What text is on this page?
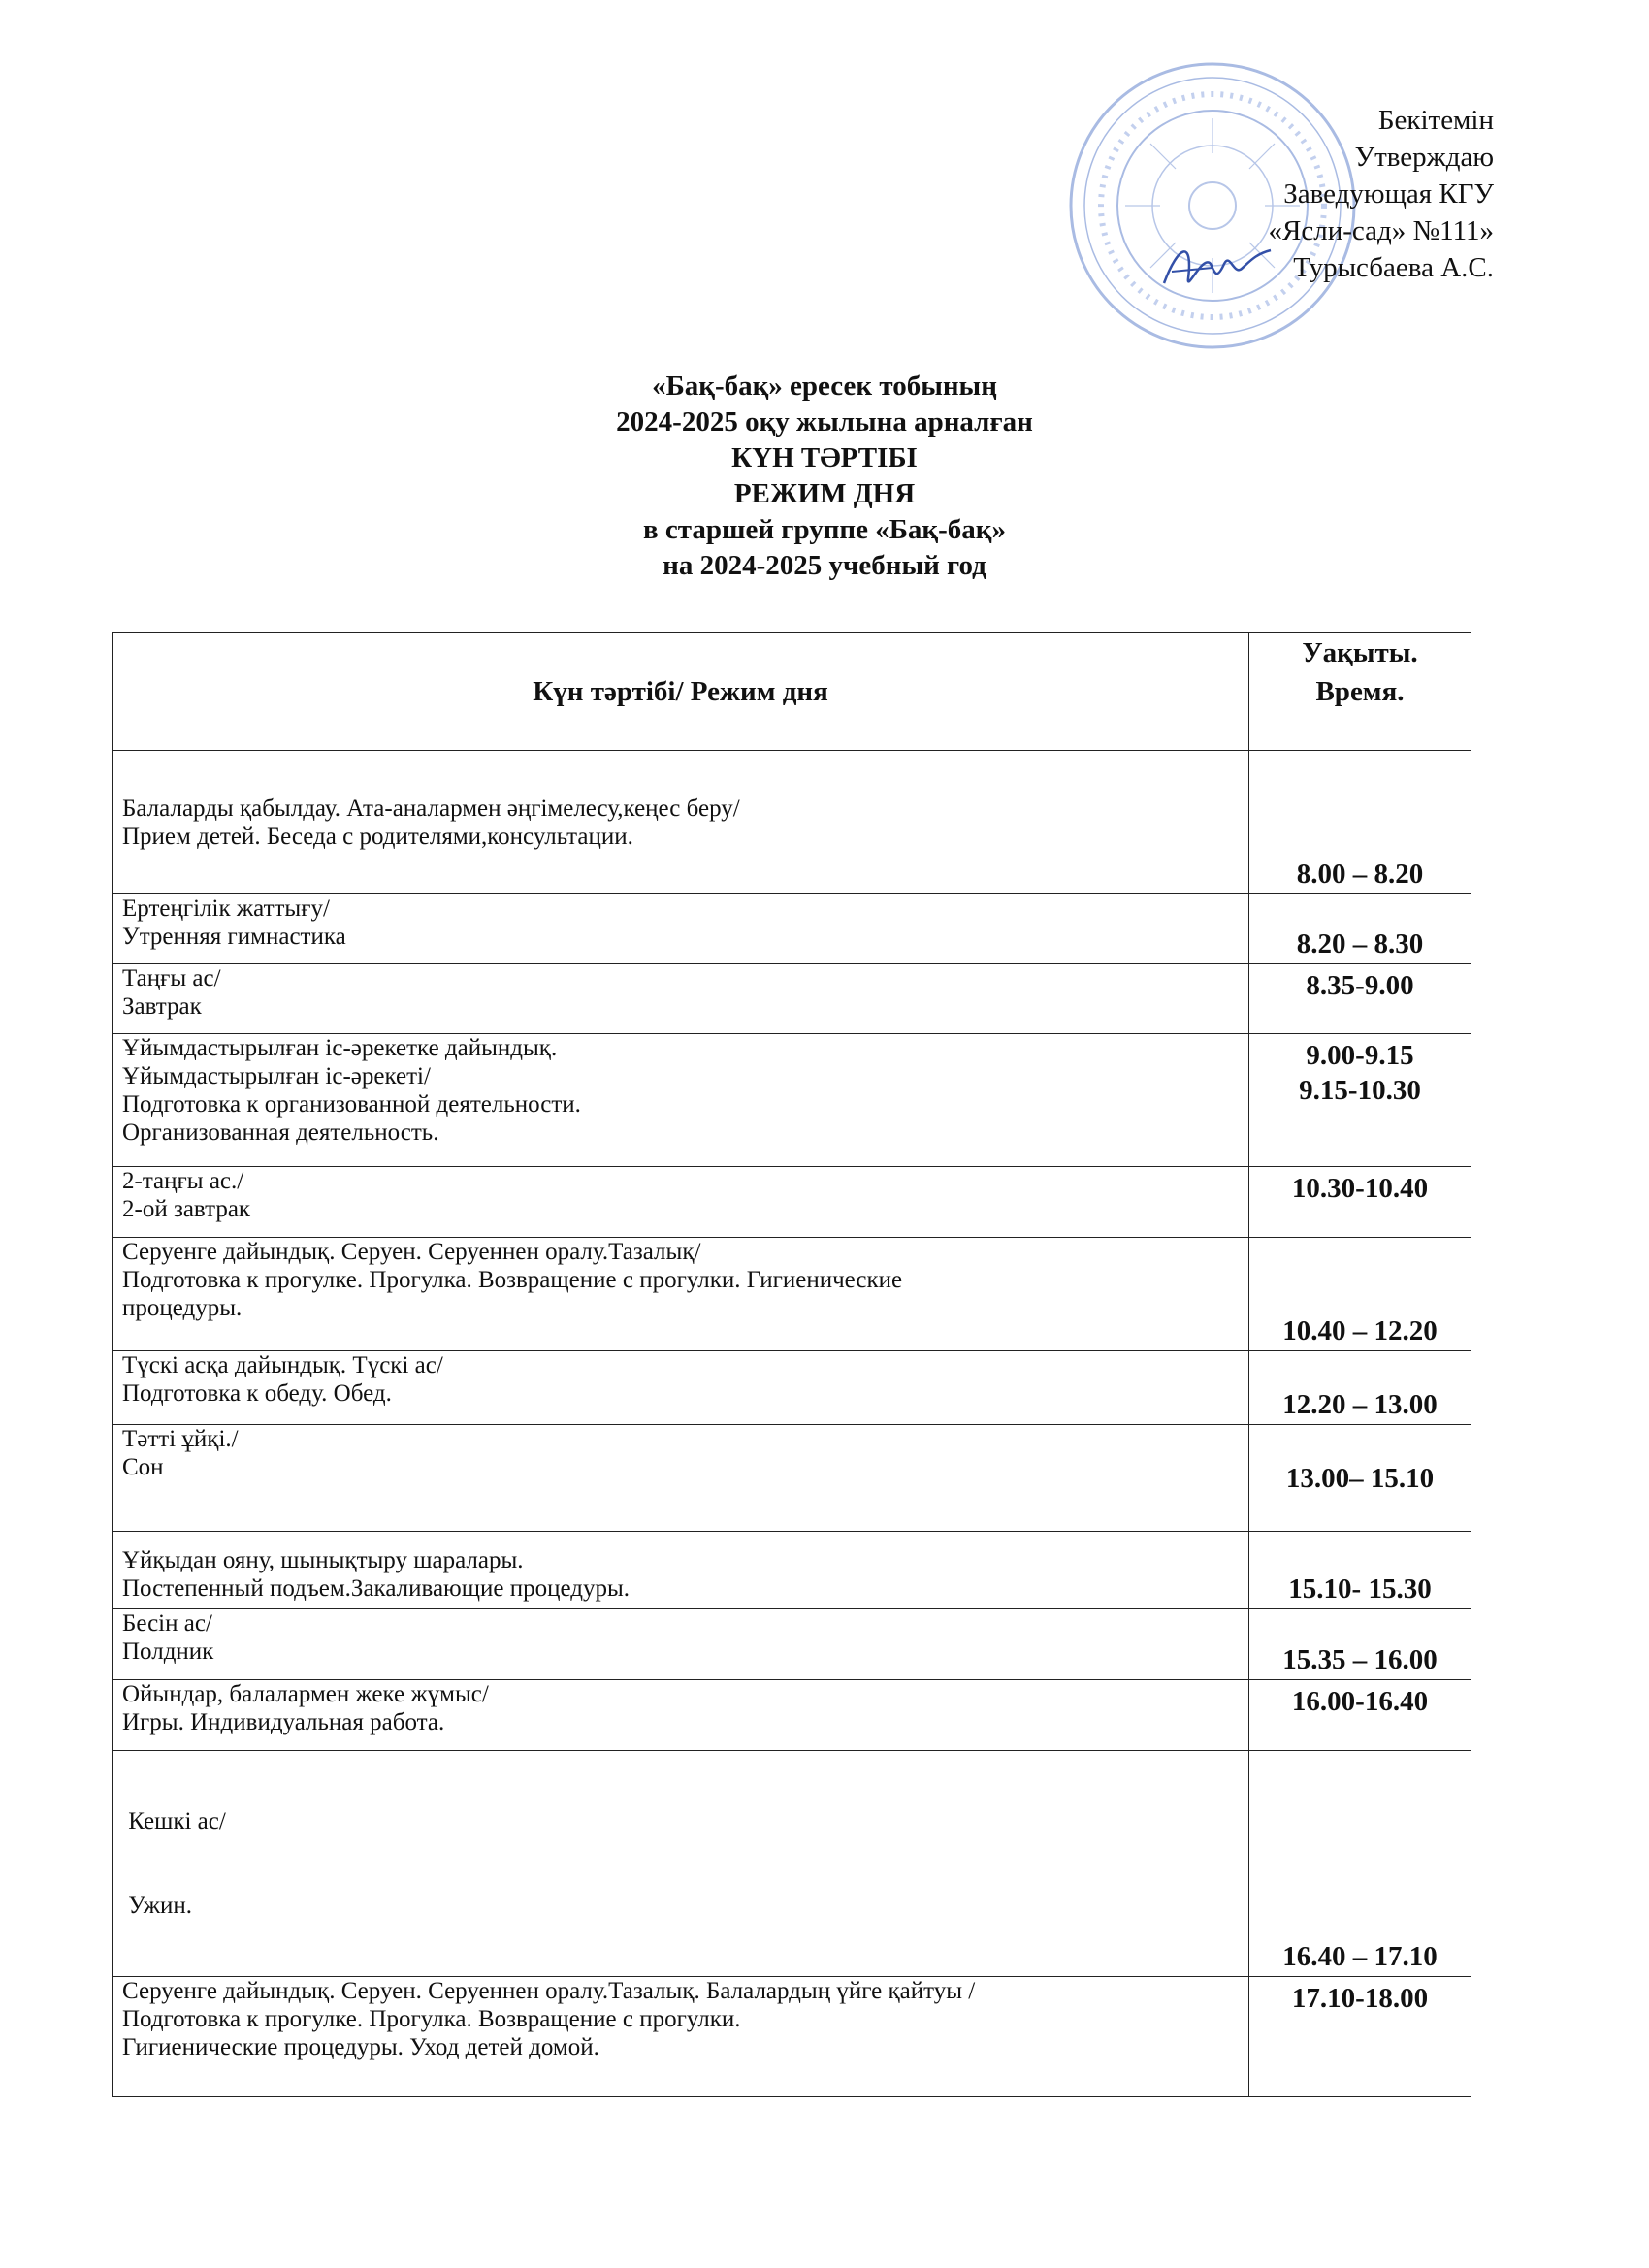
Бекітемін
Утверждаю
Заведующая КГУ
«Ясли-сад» №111»
Турысбаева А.С.
«Бақ-бақ» ересек тобының
2024-2025 оқу жылына арналған
КҮН ТӘРТІБІ
РЕЖИМ ДНЯ
в старшей группе «Бақ-бақ»
на 2024-2025 учебный год
Күн тәртібі/ Режим дня	Уақыты.
Время.

Балаларды қабылдау. Ата-аналармен әңгімелесу,кеңес беру/
Прием детей. Беседа с родителями,консультации.	8.00 – 8.20

Ертеңгілік жаттығу/
Утренняя гимнастика	8.20 – 8.30

Таңғы ас/
Завтрак	8.35-9.00

Ұйымдастырылған іс-әрекетке дайындық.
Ұйымдастырылған іс-әрекеті/
Подготовка к организованной деятельности.
Организованная деятельность.	9.00-9.15
9.15-10.30

2-таңғы ас./
2-ой завтрак	10.30-10.40

Серуенге дайындық. Серуен. Серуеннен оралу.Тазалық/
Подготовка к прогулке. Прогулка. Возвращение с прогулки. Гигиенические
процедуры.	10.40 – 12.20

Түскі асқа дайындық. Түскі ас/
Подготовка к обеду. Обед.	12.20 – 13.00

Тәтті ұйқі./
Сон	13.00– 15.10

Ұйқыдан ояну, шынықтыру шаралары.
Постепенный подъем.Закаливающие процедуры.	15.10- 15.30

Бесін ас/
Полдник	15.35 – 16.00

Ойындар, балалармен жеке жұмыс/
Игры. Индивидуальная работа.	16.00-16.40

Кешкі ас/

Ужин.	16.40 – 17.10

Серуенге дайындық. Серуен. Серуеннен оралу.Тазалық. Балалардың үйге қайтуы /
Подготовка к прогулке. Прогулка. Возвращение с прогулки.
Гигиенические процедуры. Уход детей домой.	17.10-18.00
